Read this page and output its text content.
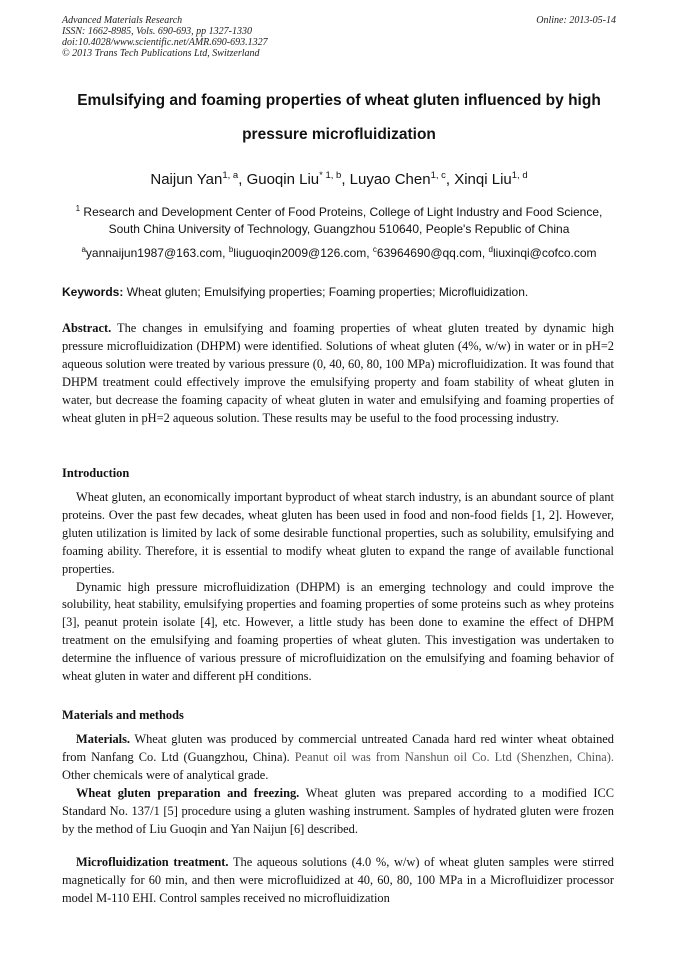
Advanced Materials Research
ISSN: 1662-8985, Vols. 690-693, pp 1327-1330
doi:10.4028/www.scientific.net/AMR.690-693.1327
© 2013 Trans Tech Publications Ltd, Switzerland
Online: 2013-05-14
Emulsifying and foaming properties of wheat gluten influenced by high
pressure microfluidization
Naijun Yan$^{1, a}$, Guoqin Liu$^{* 1, b}$, Luyao Chen$^{1, c}$, Xinqi Liu$^{1, d}$
$^1$ Research and Development Center of Food Proteins, College of Light Industry and Food Science,
South China University of Technology, Guangzhou 510640, People's Republic of China
$^a$yannaijun1987@163.com, $^b$liuguoqin2009@126.com, $^c$63964690@qq.com, $^d$liuxinqi@cofco.com
Keywords: Wheat gluten; Emulsifying properties; Foaming properties; Microfluidization.

Abstract. The changes in emulsifying and foaming properties of wheat gluten treated by dynamic high pressure microfluidization (DHPM) were identified. Solutions of wheat gluten (4%, w/w) in water or in pH=2 aqueous solution were treated by various pressure (0, 40, 60, 80, 100 MPa) microfluidization. It was found that DHPM treatment could effectively improve the emulsifying property and foam stability of wheat gluten in water, but decrease the foaming capacity of wheat gluten in water and emulsifying and foaming properties of wheat gluten in pH=2 aqueous solution. These results may be useful to the food processing industry.

Introduction

Wheat gluten, an economically important byproduct of wheat starch industry, is an abundant source of plant proteins. Over the past few decades, wheat gluten has been used in food and non-food fields [1, 2]. However, gluten utilization is limited by lack of some desirable functional properties, such as solubility, emulsifying and foaming ability. Therefore, it is essential to modify wheat gluten to expand the range of available functional properties.

Dynamic high pressure microfluidization (DHPM) is an emerging technology and could improve the solubility, heat stability, emulsifying properties and foaming properties of some proteins such as whey proteins [3], peanut protein isolate [4], etc. However, a little study has been done to examine the effect of DHPM treatment on the emulsifying and foaming properties of wheat gluten. This investigation was undertaken to determine the influence of various pressure of microfluidization on the emulsifying and foaming behavior of wheat gluten in water and different pH conditions.

Materials and methods

Materials. Wheat gluten was produced by commercial untreated Canada hard red winter wheat obtained from Nanfang Co. Ltd (Guangzhou, China). Peanut oil was from Nanshun oil Co. Ltd (Shenzhen, China). Other chemicals were of analytical grade.

Wheat gluten preparation and freezing. Wheat gluten was prepared according to a modified ICC Standard No. 137/1 [5] procedure using a gluten washing instrument. Samples of hydrated gluten were frozen by the method of Liu Guoqin and Yan Naijun [6] described.

Microfluidization treatment. The aqueous solutions (4.0 %, w/w) of wheat gluten samples were stirred magnetically for 60 min, and then were microfluidized at 40, 60, 80, 100 MPa in a Microfluidizer processor model M-110 EHI. Control samples received no microfluidization
